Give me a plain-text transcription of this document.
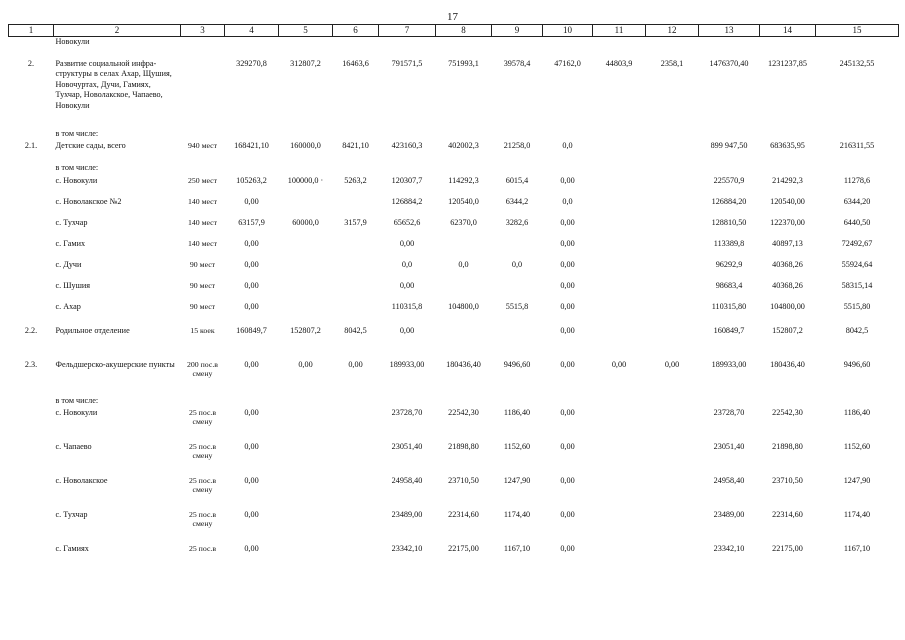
17
1	2	3	4	5	6	7	8	9	10	11	12	13	14	15
	Новокули													
2.	Развитие социальной инфра-структуры в селах Ахар, Щушия, Новочуртах, Дучи, Гамиях, Тухчар, Новолакское, Чапаево, Новокули		329270,8	312807,2	16463,6	791571,5	751993,1	39578,4	47162,0	44803,9	2358,1	1476370,40	1231237,85	245132,55
	в том числе:													
2.1.	Детские сады, всего	940 мест	168421,10	160000,0	8421,10	423160,3	402002,3	21258,0	0,0			899 947,50	683635,95	216311,55
	в том числе:													
	с. Новокули	250 мест	105263,2	100000,0 ·	5263,2	120307,7	114292,3	6015,4	0,00			225570,9	214292,3	11278,6
	с. Новолакское №2	140 мест	0,00			126884,2	120540,0	6344,2	0,0			126884,20	120540,00	6344,20
	с. Тухчар	140 мест	63157,9	60000,0	3157,9	65652,6	62370,0	3282,6	0,00			128810,50	122370,00	6440,50
	с. Гамих	140 мест	0,00			0,00			0,00			113389,8	40897,13	72492,67
	с. Дучи	90 мест	0,00			0,0	0,0	0,0	0,00			96292,9	40368,26	55924,64
	с. Шушия	90 мест	0,00			0,00			0,00			98683,4	40368,26	58315,14
	с. Ахар	90 мест	0,00			110315,8	104800,0	5515,8	0,00			110315,80	104800,00	5515,80
2.2.	Родильное отделение	15 коек	160849,7	152807,2	8042,5	0,00			0,00			160849,7	152807,2	8042,5
2.3.	Фельдшерско-акушерские пункты	200 пос.в смену	0,00	0,00	0,00	189933,00	180436,40	9496,60	0,00	0,00	0,00	189933,00	180436,40	9496,60
	в том числе:													
	с. Новокули	25 пос.в смену	0,00			23728,70	22542,30	1186,40	0,00			23728,70	22542,30	1186,40
	с. Чапаево	25 пос.в смену	0,00			23051,40	21898,80	1152,60	0,00			23051,40	21898,80	1152,60
	с. Новолакское	25 пос.в смену	0,00			24958,40	23710,50	1247,90	0,00			24958,40	23710,50	1247,90
	с. Тухчар	25 пос.в смену	0,00			23489,00	22314,60	1174,40	0,00			23489,00	22314,60	1174,40
	с. Гамиях	25 пос.в	0,00			23342,10	22175,00	1167,10	0,00			23342,10	22175,00	1167,10
